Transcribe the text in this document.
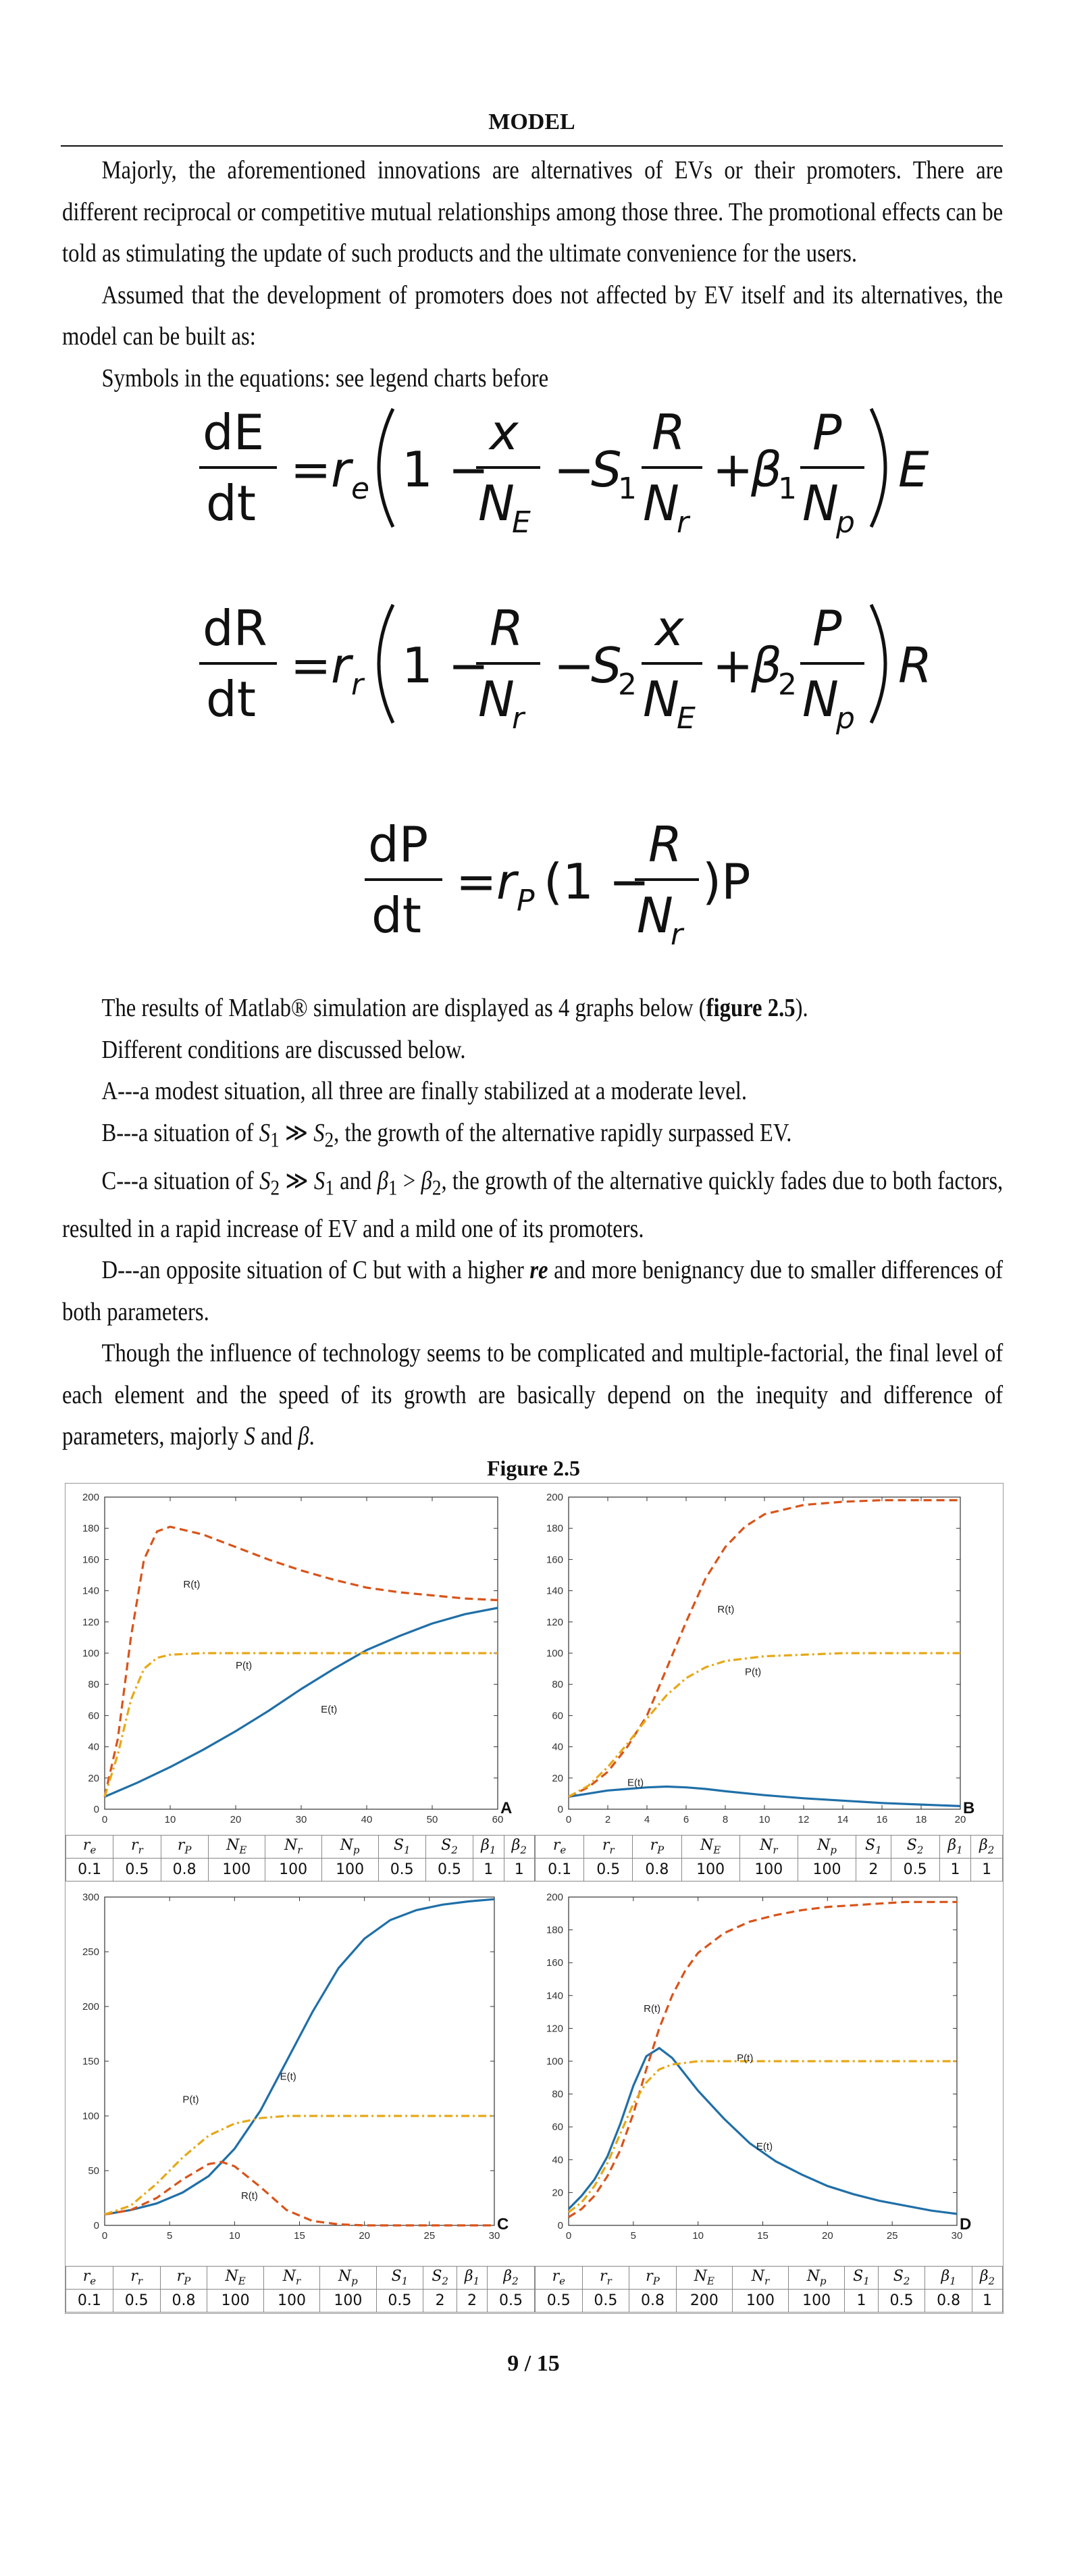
MODEL

Majorly, the aforementioned innovations are alternatives of EVs or their promoters. There are different reciprocal or competitive mutual relationships among those three. The promotional effects can be told as stimulating the update of such products and the ultimate convenience for the users.

Assumed that the development of promoters does not affected by EV itself and its alternatives, the model can be built as:

Symbols in the equations: see legend charts before

dE
dt
= r e 1 −
x
N
E
−
S
1
R
N
r
+
β
1
P
N
p
E
dR
dt
= r r 1 −
R
N
r
−
S
2
x
N
E
+
β
2
P
N
p
R
dP
dt
= r P (1 −
R
N
r
)P

The results of Matlab® simulation are displayed as 4 graphs below (figure 2.5).

Different conditions are discussed below.

A---a modest situation, all three are finally stabilized at a moderate level.

B---a situation of $S_1$ ≫ $S_2$, the growth of the alternative rapidly surpassed EV.

C---a situation of $S_2$ ≫ $S_1$ and $\beta_1 > \beta_2$, the growth of the alternative quickly fades due to both factors, resulted in a rapid increase of EV and a mild one of its promoters.

D---an opposite situation of C but with a higher re and more benignancy due to smaller differences of both parameters.

Though the influence of technology seems to be complicated and multiple-factorial, the final level of each element and the speed of its growth are basically depend on the inequity and difference of parameters, majorly S and β.

Figure 2.5
0
20
40
60
80
100
120
140
160
180
200
0	10	20	30	40	50	60
R(t)
P(t)
E(t)
A	0
20
40
60
80
100
120
140
160
180
200
0	2	4	6	8	10	12	14	16	18	20
R(t)
P(t)
E(t)
B
$r_e$	$r_r$	$r_P$	$N_E$	$N_r$	$N_p$	$S_1$	$S_2$	$\beta_1$	$\beta_2$
0.1	0.5	0.8	100	100	100	0.5	0.5	1	1
$r_e$	$r_r$	$r_P$	$N_E$	$N_r$	$N_p$	$S_1$	$S_2$	$\beta_1$	$\beta_2$
0.1	0.5	0.8	100	100	100	2	0.5	1	1
0
50
100
150
200
250
300
0	5	10	15	20	25	30
P(t)
E(t)
R(t)
C	0
20
40
60
80
100
120
140
160
180
200
0	5	10	15	20	25	30
R(t)
P(t)
E(t)
D
$r_e$	$r_r$	$r_P$	$N_E$	$N_r$	$N_p$	$S_1$	$S_2$	$\beta_1$	$\beta_2$
0.1	0.5	0.8	100	100	100	0.5	2	2	0.5
$r_e$	$r_r$	$r_P$	$N_E$	$N_r$	$N_p$	$S_1$	$S_2$	$\beta_1$	$\beta_2$
0.5	0.5	0.8	200	100	100	1	0.5	0.8	1
9 / 15
